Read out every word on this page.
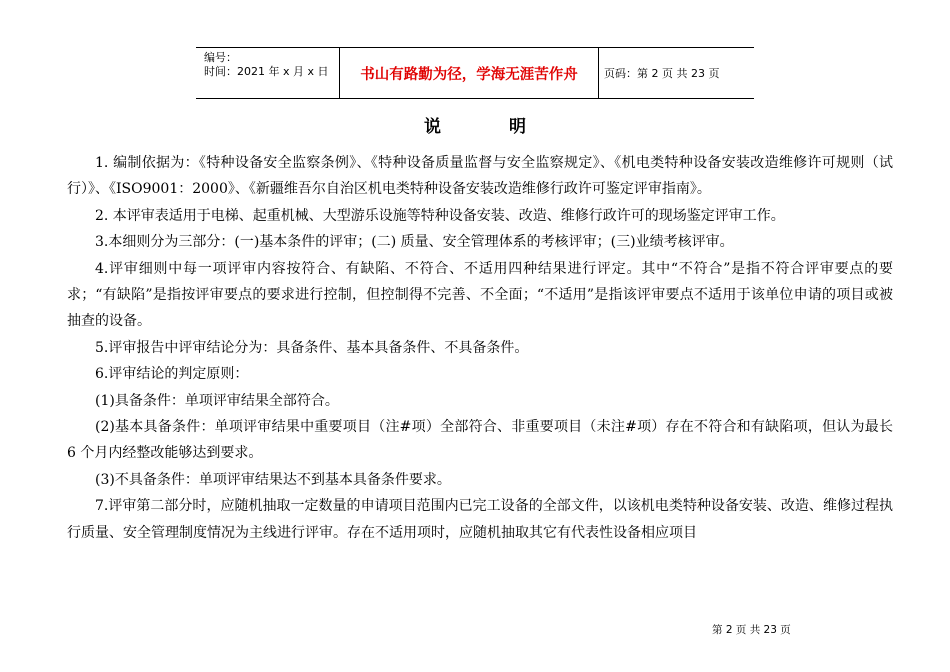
编号：
时间：2021 年 x 月 x 日	书山有路勤为径，学海无涯苦作舟	页码：第 2 页 共 23 页
说	明

1. 编制依据为：《特种设备安全监察条例》、《特种设备质量监督与安全监察规定》、《机电类特种设备安装改造维修许可规则（试行）》、《ISO9001：2000》、《新疆维吾尔自治区机电类特种设备安装改造维修行政许可鉴定评审指南》。

2. 本评审表适用于电梯、起重机械、大型游乐设施等特种设备安装、改造、维修行政许可的现场鉴定评审工作。

3.本细则分为三部分：(一)基本条件的评审；(二) 质量、安全管理体系的考核评审；(三)业绩考核评审。

4.评审细则中每一项评审内容按符合、有缺陷、不符合、不适用四种结果进行评定。其中“不符合”是指不符合评审要点的要求；“有缺陷”是指按评审要点的要求进行控制，但控制得不完善、不全面；“不适用”是指该评审要点不适用于该单位申请的项目或被抽查的设备。

5.评审报告中评审结论分为：具备条件、基本具备条件、不具备条件。

6.评审结论的判定原则：

(1)具备条件：单项评审结果全部符合。

(2)基本具备条件：单项评审结果中重要项目（注#项）全部符合、非重要项目（未注#项）存在不符合和有缺陷项，但认为最长 6 个月内经整改能够达到要求。

(3)不具备条件：单项评审结果达不到基本具备条件要求。

7.评审第二部分时，应随机抽取一定数量的申请项目范围内已完工设备的全部文件，以该机电类特种设备安装、改造、维修过程执行质量、安全管理制度情况为主线进行评审。存在不适用项时，应随机抽取其它有代表性设备相应项目

第 2 页 共 23 页
